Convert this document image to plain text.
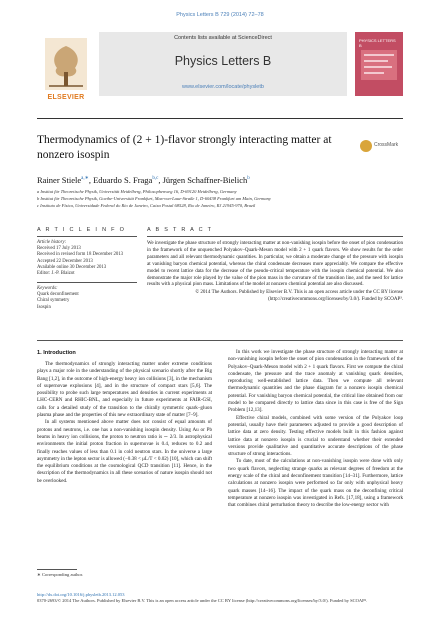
Physics Letters B 729 (2014) 72–78
ELSEVIER
Contents lists available at ScienceDirect
Physics Letters B
www.elsevier.com/locate/physletb
PHYSICS LETTERS B
Thermodynamics of (2 + 1)-flavor strongly interacting matter at
nonzero isospin
CrossMark
Rainer Stiele$^{a,∗}$, Eduardo S. Fraga$^{b,c}$, Jürgen Schaffner-Bielich$^b$
a Institut für Theoretische Physik, Universität Heidelberg, Philosophenweg 16, D-69120 Heidelberg, Germany
b Institut für Theoretische Physik, Goethe-Universität Frankfurt, Max-von-Laue-Straße 1, D-60438 Frankfurt am Main, Germany
c Instituto de Física, Universidade Federal do Rio de Janeiro, Caixa Postal 68528, Rio de Janeiro, RJ 21945-970, Brazil
A R T I C L E I N F O
Article history:
Received 17 July 2013
Received in revised form 18 December 2013
Accepted 22 December 2013
Available online 30 December 2013
Editor: J.-P. Blaizot
Keywords:
Quark deconfinement
Chiral symmetry
Isospin
A B S T R A C T
We investigate the phase structure of strongly interacting matter at non-vanishing isospin before the onset of pion condensation in the framework of the unquenched Polyakov–Quark-Meson model with 2 + 1 quark flavors. We show results for the order parameters and all relevant thermodynamic quantities. In particular, we obtain a moderate change of the pressure with isospin at vanishing baryon chemical potential, whereas the chiral condensate decreases more appreciably. We compare the effective model to recent lattice data for the decrease of the pseudo-critical temperature with the isospin chemical potential. We also demonstrate the major role played by the value of the pion mass in the curvature of the transition line, and the need for lattice results with a physical pion mass. Limitations of the model at nonzero chemical potential are also discussed.
© 2014 The Authors. Published by Elsevier B.V. This is an open access article under the CC BY license (http://creativecommons.org/licenses/by/3.0/). Funded by SCOAP³.
1. Introduction
The thermodynamics of strongly interacting matter under extreme conditions plays a major role in the understanding of the physical scenario shortly after the Big Bang [1,2], in the outcome of high-energy heavy ion collisions [3], in the mechanism of supernovae explosions [4], and in the structure of compact stars [5,6]. The possibility to probe such large temperatures and densities in current experiments at LHC-CERN and RHIC-BNL, and especially in future experiments at FAIR-GSI, calls for a detailed study of the transition to the chirally symmetric quark–gluon plasma phase and the properties of this new extraordinary state of matter [7–9].
In all systems mentioned above matter does not consist of equal amounts of protons and neutrons, i.e. one has a non-vanishing isospin density. Using Au or Pb beams in heavy ion collisions, the proton to neutron ratio is ∼ 2/3. In astrophysical environments the initial proton fraction in supernovae is 0.4, reduces to 0.2 and finally reaches values of less than 0.1 in cold neutron stars. In the universe a large asymmetry in the lepton sector is allowed (−0.38 < μL/T < 0.02) [10], which can shift the equilibrium conditions at the cosmological QCD transition [11]. Hence, in the description of the thermodynamics in all these scenarios of nature isospin should not be overlooked.
In this work we investigate the phase structure of strongly interacting matter at non-vanishing isospin before the onset of pion condensation in the framework of the Polyakov–Quark-Meson model with 2 + 1 quark flavors. First we compute the chiral condensate, the pressure and the trace anomaly at vanishing quark densities, reproducing well-established lattice data. Then we compute all relevant thermodynamic quantities and the phase diagram for a nonzero isospin chemical potential. For vanishing baryon chemical potential, the critical line obtained from our model to be compared directly to lattice data since in this case is free of the Sign Problem [12,13].
Effective chiral models, combined with some version of the Polyakov loop potential, usually have their parameters adjusted to provide a good description of lattice data at zero density. Testing effective models built in this fashion against lattice data at nonzero isospin is crucial to understand whether their extended versions provide qualitative and quantitative accurate descriptions of the phase structure of strong interactions.
To date, most of the calculations at non-vanishing isospin were done with only two quark flavors, neglecting strange quarks as relevant degrees of freedom at the energy scale of the chiral and deconfinement transition [14–31]. Furthermore, lattice calculations at nonzero isospin were performed so far only with unphysical heavy quark masses [14–16]. The impact of the quark mass on the deconfining critical temperature at nonzero isospin was investigated in Refs. [17,18], using a framework that combines chiral perturbation theory to describe the low-energy sector with
∗ Corresponding author.
http://dx.doi.org/10.1016/j.physletb.2013.12.053
0370-2693/© 2014 The Authors. Published by Elsevier B.V. This is an open access article under the CC BY license (http://creativecommons.org/licenses/by/3.0/). Funded by SCOAP³.
